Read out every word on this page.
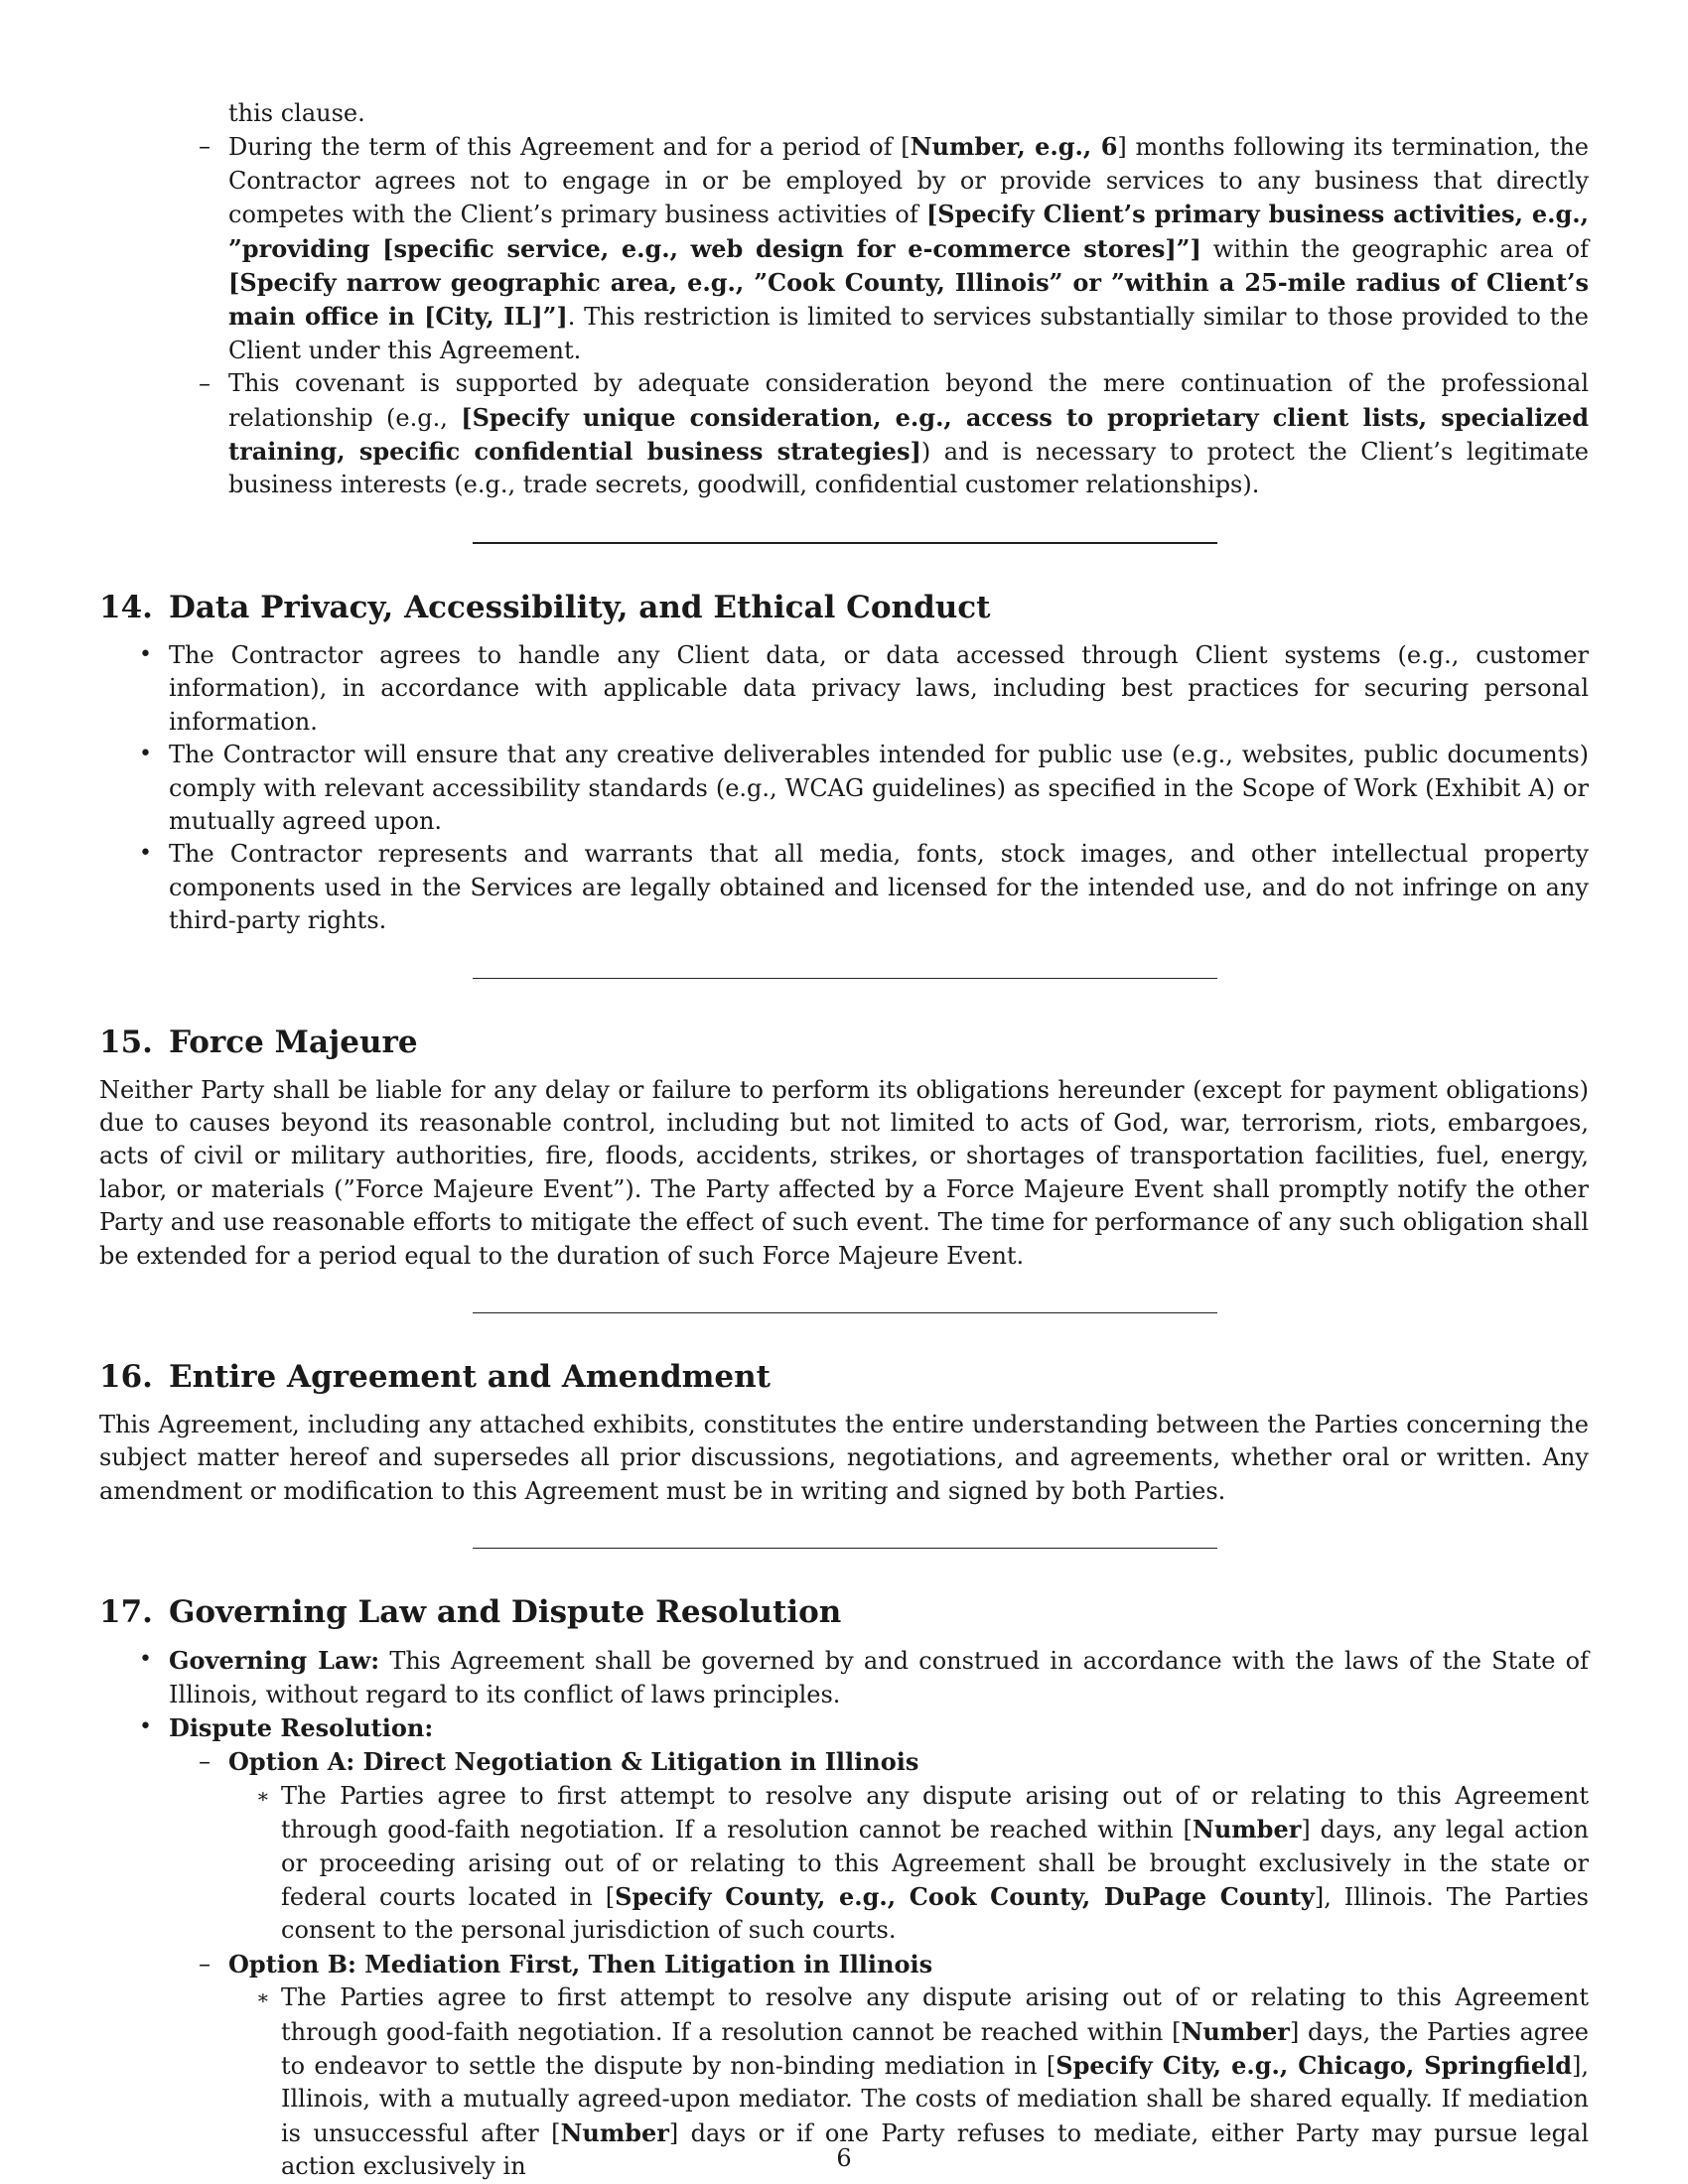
this clause.
– During the term of this Agreement and for a period of [Number, e.g., 6] months following its termination, the Contractor agrees not to engage in or be employed by or provide services to any business that directly competes with the Client’s primary business activities of [Specify Client’s primary business activities, e.g., ”providing [specific service, e.g., web design for e-commerce stores]”] within the geographic area of [Specify narrow geographic area, e.g., ”Cook County, Illinois” or ”within a 25-mile radius of Client’s main office in [City, IL]”]. This restriction is limited to services substantially similar to those provided to the Client under this Agreement.
– This covenant is supported by adequate consideration beyond the mere continuation of the professional relationship (e.g., [Specify unique consideration, e.g., access to proprietary client lists, specialized training, specific confidential business strategies]) and is necessary to protect the Client’s legitimate business interests (e.g., trade secrets, goodwill, confidential customer relationships).
14. Data Privacy, Accessibility, and Ethical Conduct
• The Contractor agrees to handle any Client data, or data accessed through Client systems (e.g., customer information), in accordance with applicable data privacy laws, including best practices for securing personal information.
• The Contractor will ensure that any creative deliverables intended for public use (e.g., websites, public documents) comply with relevant accessibility standards (e.g., WCAG guidelines) as specified in the Scope of Work (Exhibit A) or mutually agreed upon.
• The Contractor represents and warrants that all media, fonts, stock images, and other intellectual property components used in the Services are legally obtained and licensed for the intended use, and do not infringe on any third-party rights.
15. Force Majeure
Neither Party shall be liable for any delay or failure to perform its obligations hereunder (except for payment obligations) due to causes beyond its reasonable control, including but not limited to acts of God, war, terrorism, riots, embargoes, acts of civil or military authorities, fire, floods, accidents, strikes, or shortages of transportation facilities, fuel, energy, labor, or materials (”Force Majeure Event”). The Party affected by a Force Majeure Event shall promptly notify the other Party and use reasonable efforts to mitigate the effect of such event. The time for performance of any such obligation shall be extended for a period equal to the duration of such Force Majeure Event.
16. Entire Agreement and Amendment
This Agreement, including any attached exhibits, constitutes the entire understanding between the Parties concerning the subject matter hereof and supersedes all prior discussions, negotiations, and agreements, whether oral or written. Any amendment or modification to this Agreement must be in writing and signed by both Parties.
17. Governing Law and Dispute Resolution
• Governing Law: This Agreement shall be governed by and construed in accordance with the laws of the State of Illinois, without regard to its conflict of laws principles.
• Dispute Resolution:
– Option A: Direct Negotiation & Litigation in Illinois
∗ The Parties agree to first attempt to resolve any dispute arising out of or relating to this Agreement through good-faith negotiation. If a resolution cannot be reached within [Number] days, any legal action or proceeding arising out of or relating to this Agreement shall be brought exclusively in the state or federal courts located in [Specify County, e.g., Cook County, DuPage County], Illinois. The Parties consent to the personal jurisdiction of such courts.
– Option B: Mediation First, Then Litigation in Illinois
∗ The Parties agree to first attempt to resolve any dispute arising out of or relating to this Agreement through good-faith negotiation. If a resolution cannot be reached within [Number] days, the Parties agree to endeavor to settle the dispute by non-binding mediation in [Specify City, e.g., Chicago, Springfield], Illinois, with a mutually agreed-upon mediator. The costs of mediation shall be shared equally. If mediation is unsuccessful after [Number] days or if one Party refuses to mediate, either Party may pursue legal action exclusively in	6
